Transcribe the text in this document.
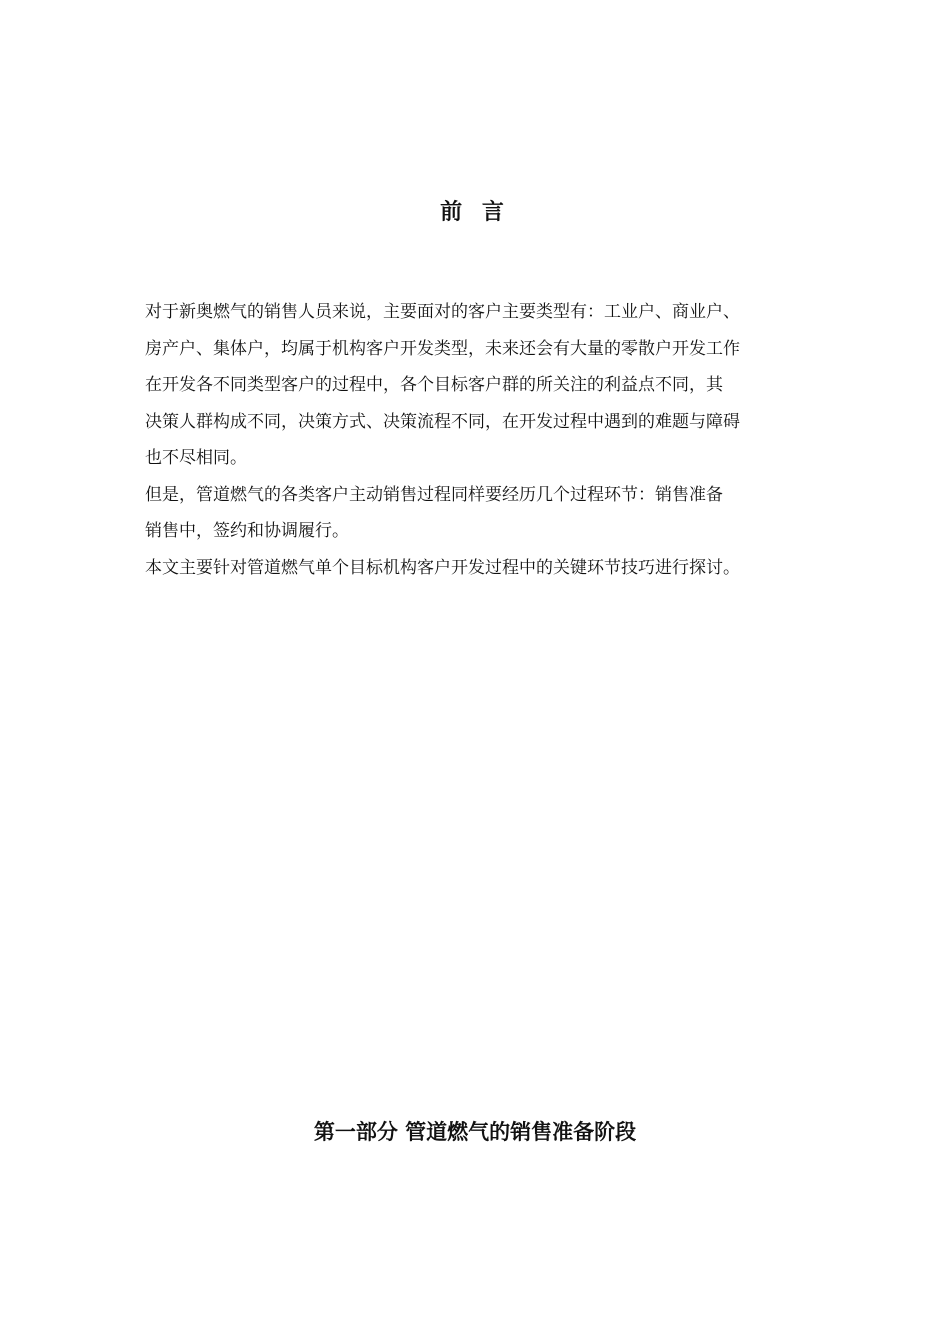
前 言

对于新奥燃气的销售人员来说，主要面对的客户主要类型有：工业户、商业户、
房产户、集体户，均属于机构客户开发类型，未来还会有大量的零散户开发工作
在开发各不同类型客户的过程中，各个目标客户群的所关注的利益点不同，其
决策人群构成不同，决策方式、决策流程不同，在开发过程中遇到的难题与障碍
也不尽相同。

但是，管道燃气的各类客户主动销售过程同样要经历几个过程环节：销售准备
销售中，签约和协调履行。

本文主要针对管道燃气单个目标机构客户开发过程中的关键环节技巧进行探讨。

第一部分 管道燃气的销售准备阶段
